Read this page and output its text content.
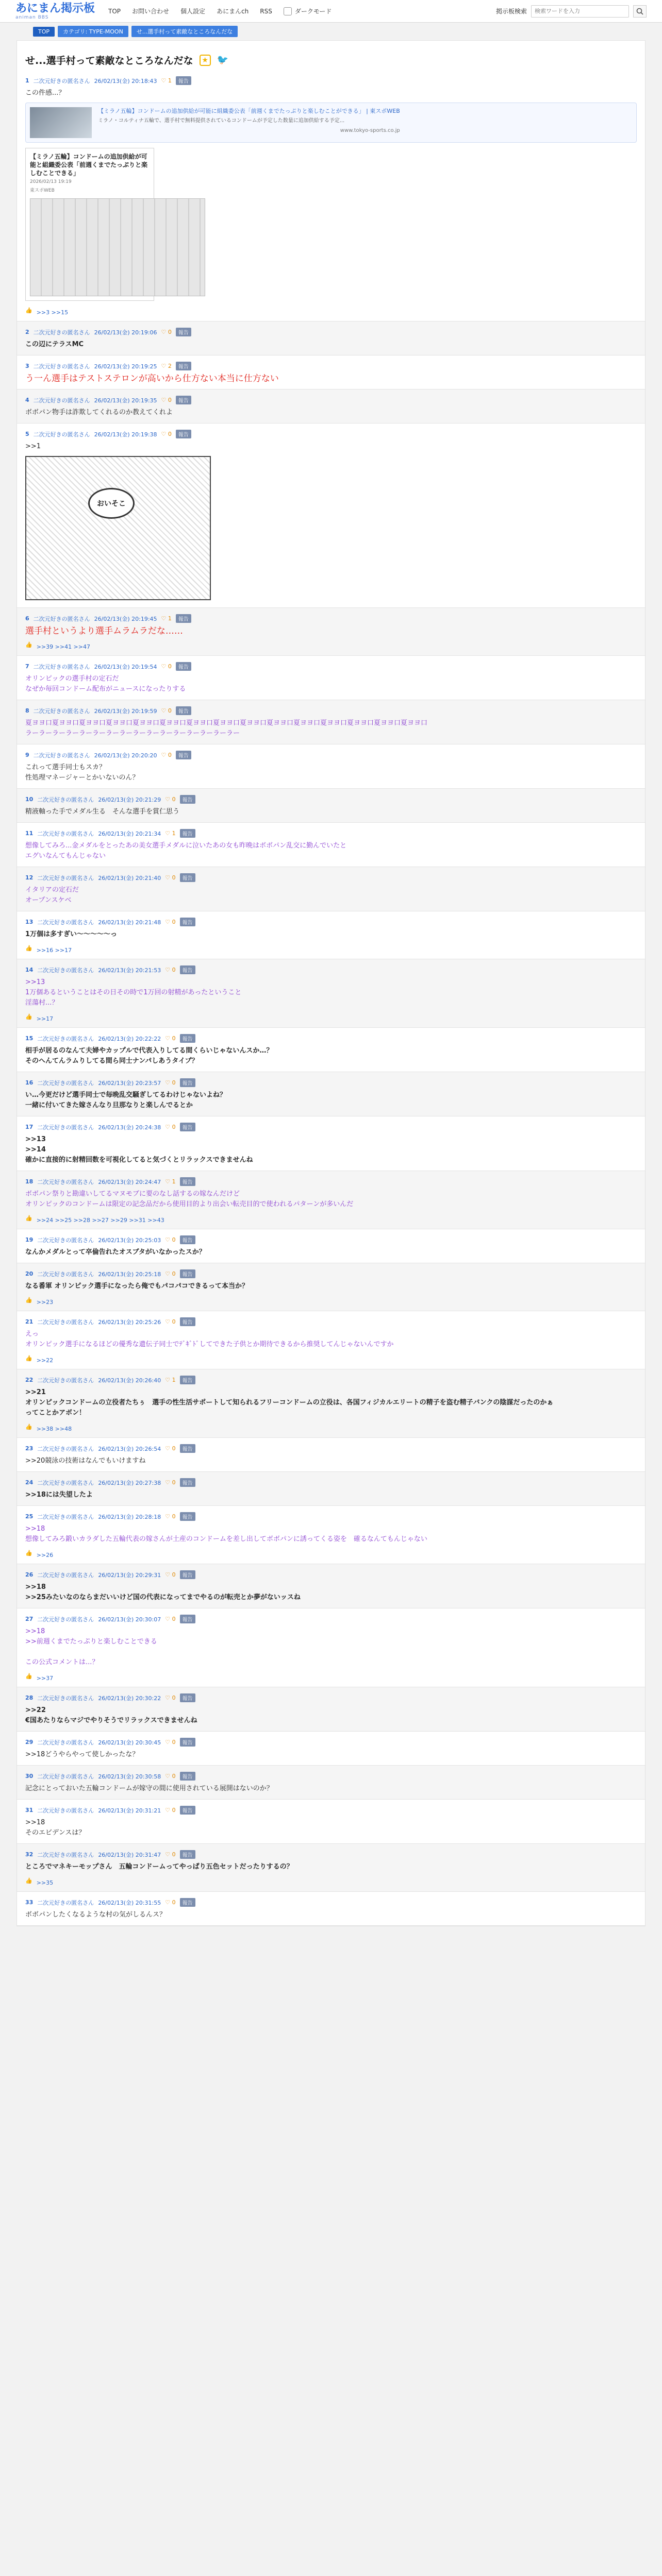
あにまん掲示板
animan BBS
TOP お問い合わせ 個人設定 あにまんch RSS	ダークモード	掲示板検索
検索ワードを入力
TOP	カテゴリ: TYPE-MOON	せ...選手村って素敵なところなんだな
せ...選手村って素敵なところなんだな	★ 🐦
1 二次元好きの匿名さん 26/02/13(金) 20:18:43 ♡ 1	報告
この件感...？
【ミラノ五輪】コンドームの追加供給が可能に組織委公表「前週くまでたっぷりと楽しむことができる」 | 東スポWEB
ミラノ・コルティナ五輪で、選手村で無料提供されているコンドームが予定した数量に追加供給する予定...
www.tokyo-sports.co.jp
【ミラノ五輪】コンドームの追加供給が可能と組織委公表「前週くまでたっぷりと楽しむことできる」
2026/02/13 19:19
東スポWEB
👍 >>3 >>15
2 二次元好きの匿名さん 26/02/13(金) 20:19:06 ♡ 0	報告
この辺にテラスMC
3 二次元好きの匿名さん 26/02/13(金) 20:19:25 ♡ 2	報告
う一ん選手はテストステロンが高いから仕方ない本当に仕方ない
4 二次元好きの匿名さん 26/02/13(金) 20:19:35 ♡ 0	報告
ボボパン物手は詐欺してくれるのか教えてくれよ
5 二次元好きの匿名さん 26/02/13(金) 20:19:38 ♡ 0	報告
>>1
おいそこ
6 二次元好きの匿名さん 26/02/13(金) 20:19:45 ♡ 1	報告
選手村というより選手ムラムラだな……
👍 >>39 >>41 >>47
7 二次元好きの匿名さん 26/02/13(金) 20:19:54 ♡ 0	報告
オリンピックの選手村の定石だ
なぜか毎回コンドーム配布がニュースになったりする
8 二次元好きの匿名さん 26/02/13(金) 20:19:59 ♡ 0	報告
夏ヨヨ口夏ヨヨ口夏ヨヨ口夏ヨヨ口夏ヨヨ口夏ヨヨ口夏ヨヨ口夏ヨヨ口夏ヨヨ口夏ヨヨ口夏ヨヨ口夏ヨヨ口夏ヨヨ口夏ヨヨ口夏ヨヨ口
ラーラーラーラーラーラーラーラーラーラーラーラーラーラーラーラー
9 二次元好きの匿名さん 26/02/13(金) 20:20:20 ♡ 0	報告
これって選手同士もスカ？
性処理マネージャーとかいないのん？
10 二次元好きの匿名さん 26/02/13(金) 20:21:29 ♡ 0	報告
精液軸った手でメダル生る　そんな選手を賞仁思う
11 二次元好きの匿名さん 26/02/13(金) 20:21:34 ♡ 1	報告
想像してみろ...金メダルをとったあの美女選手メダルに泣いたあの女も昨晩はボボパン乱交に勤んでいたと
エグいなんてもんじゃない
12 二次元好きの匿名さん 26/02/13(金) 20:21:40 ♡ 0	報告
イタリアの定石だ
オープンスケベ
13 二次元好きの匿名さん 26/02/13(金) 20:21:48 ♡ 0	報告
1万個は多すぎい～～～～～っ
👍 >>16 >>17
14 二次元好きの匿名さん 26/02/13(金) 20:21:53 ♡ 0	報告
>>13
1万個あるということはその日その時で1万回の射精があったということ
淫蕩村...？
👍 >>17
15 二次元好きの匿名さん 26/02/13(金) 20:22:22 ♡ 0	報告
相手が居るのなんて夫婦やカップルで代表入りしてる間くらいじゃないんスか…？
そのへんてんラムりしてる間ら同士ナンパしあうタイプ？
16 二次元好きの匿名さん 26/02/13(金) 20:23:57 ♡ 0	報告
い…今更だけど選手同士で毎晩乱交騒ぎしてるわけじゃないよね？
一緒に付いてきた嫁さんなり旦那なりと楽しんでるとか
17 二次元好きの匿名さん 26/02/13(金) 20:24:38 ♡ 0	報告
>>13
>>14
確かに直接的に射精回数を可視化してると気づくとリラックスできませんね
18 二次元好きの匿名さん 26/02/13(金) 20:24:47 ♡ 1	報告
ボボパン祭りと勘違いしてるマヌモブに要のなし話するの嫁なんだけど
オリンピックのコンドームは限定の記念品だから使用目的より出会い転売目的で使われるパターンが多いんだ
👍 >>24 >>25 >>28 >>27 >>29 >>31 >>43
19 二次元好きの匿名さん 26/02/13(金) 20:25:03 ♡ 0	報告
なんかメダルとって卒倫告れたオスブタがいなかったスか？
20 二次元好きの匿名さん 26/02/13(金) 20:25:18 ♡ 0	報告
なる番軍 オリンピック選手になったら俺でもパコパコできるって本当か？
👍 >>23
21 二次元好きの匿名さん 26/02/13(金) 20:25:26 ♡ 0	報告
えっ
オリンピック選手になるほどの優秀な遺伝子同士でﾃﾞｷﾞﾄﾞしてできた子供とか期待できるから推奨してんじゃないんですか
👍 >>22
22 二次元好きの匿名さん 26/02/13(金) 20:26:40 ♡ 1	報告
>>21
オリンピックコンドームの立役者たちぅ　選手の性生活サポートして知られるフリーコンドームの立役は、各国フィジカルエリートの精子を盗む精子バンクの陰謀だったのかぁ
ってことかアボン！
👍 >>38 >>48
23 二次元好きの匿名さん 26/02/13(金) 20:26:54 ♡ 0	報告
>>20競泳の技術はなんでもいけますね
24 二次元好きの匿名さん 26/02/13(金) 20:27:38 ♡ 0	報告
>>18には失望したよ
25 二次元好きの匿名さん 26/02/13(金) 20:28:18 ♡ 0	報告
>>18
想像してみろ鍛いカラダした五輪代表の嫁さんが土産のコンドームを差し出してボボパンに誘ってくる姿を　確るなんてもんじゃない
👍 >>26
26 二次元好きの匿名さん 26/02/13(金) 20:29:31 ♡ 0	報告
>>18
>>25みたいなのならまだいいけど国の代表になってまでやるのが転売とか夢がないッスね
27 二次元好きの匿名さん 26/02/13(金) 20:30:07 ♡ 0	報告
>>18
>>前週くまでたっぷりと楽しむことできる

この公式コメントは...？
👍 >>37
28 二次元好きの匿名さん 26/02/13(金) 20:30:22 ♡ 0	報告
>>22
€国あたりならマジでやりそうでリラックスできませんね
29 二次元好きの匿名さん 26/02/13(金) 20:30:45 ♡ 0	報告
>>18どうやらやって使しかったな？
30 二次元好きの匿名さん 26/02/13(金) 20:30:58 ♡ 0	報告
記念にとっておいた五輪コンドームが嫁守の間に使用されている展開はないのか？
31 二次元好きの匿名さん 26/02/13(金) 20:31:21 ♡ 0	報告
>>18
そのエビデンスは？
32 二次元好きの匿名さん 26/02/13(金) 20:31:47 ♡ 0	報告
ところでマネキーモップさん　五輪コンドームってやっぱり五色セットだったりするの？
👍 >>35
33 二次元好きの匿名さん 26/02/13(金) 20:31:55 ♡ 0	報告
ボボパンしたくなるような村の気がしるんス？
